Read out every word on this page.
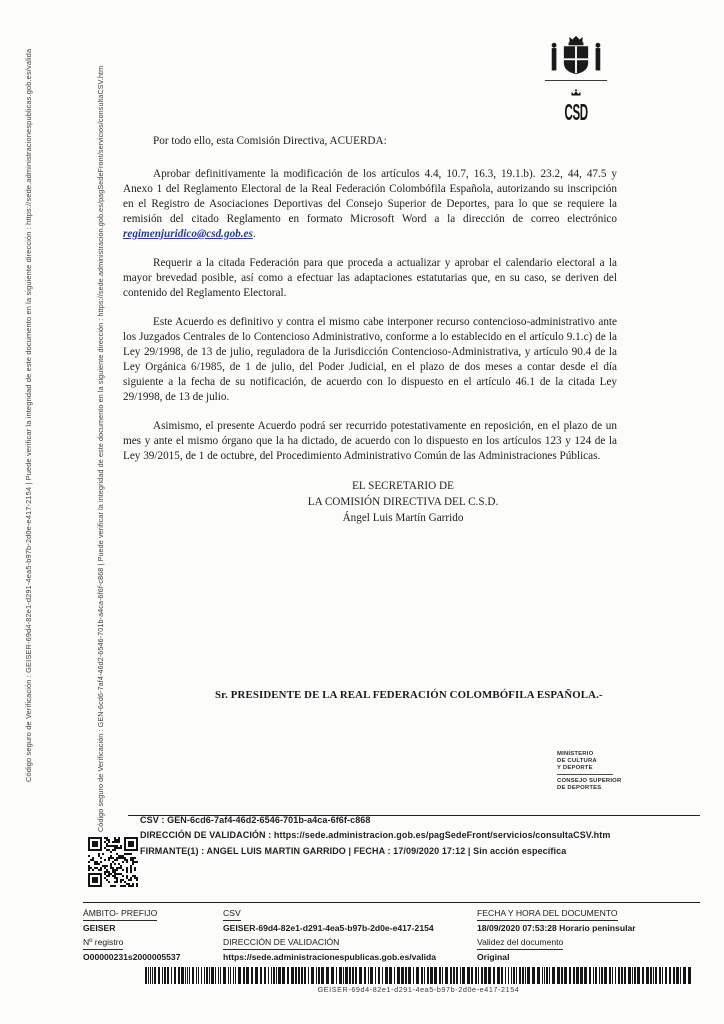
Código seguro de Verificación : GEISER-69d4-82e1-d291-4ea5-b97b-2d0e-e417-2154 | Puede verificar la integridad de este documento en la siguiente dirección : https://sede.administracionespublicas.gob.es/valida	Código seguro de Verificación : GEN-6cd6-7af4-46d2-6546-701b-a4ca-6f6f-c868 | Puede verificar la integridad de este documento en la siguiente dirección : https://sede.administracion.gob.es/pagSedeFront/servicios/consultaCSV.htm	CSD

Por todo ello, esta Comisión Directiva, ACUERDA:

Aprobar definitivamente la modificación de los artículos 4.4, 10.7, 16.3, 19.1.b). 23.2, 44, 47.5 y Anexo 1 del Reglamento Electoral de la Real Federación Colombófila Española, autorizando su inscripción en el Registro de Asociaciones Deportivas del Consejo Superior de Deportes, para lo que se requiere la remisión del citado Reglamento en formato Microsoft Word a la dirección de correo electrónico regimenjuridico@csd.gob.es.

Requerir a la citada Federación para que proceda a actualizar y aprobar el calendario electoral a la mayor brevedad posible, así como a efectuar las adaptaciones estatutarias que, en su caso, se deriven del contenido del Reglamento Electoral.

Este Acuerdo es definitivo y contra el mismo cabe interponer recurso contencioso-administrativo ante los Juzgados Centrales de lo Contencioso Administrativo, conforme a lo establecido en el artículo 9.1.c) de la Ley 29/1998, de 13 de julio, reguladora de la Jurisdicción Contencioso-Administrativa, y artículo 90.4 de la Ley Orgánica 6/1985, de 1 de julio, del Poder Judicial, en el plazo de dos meses a contar desde el día siguiente a la fecha de su notificación, de acuerdo con lo dispuesto en el artículo 46.1 de la citada Ley 29/1998, de 13 de julio.

Asimismo, el presente Acuerdo podrá ser recurrido potestativamente en reposición, en el plazo de un mes y ante el mismo órgano que la ha dictado, de acuerdo con lo dispuesto en los artículos 123 y 124 de la Ley 39/2015, de 1 de octubre, del Procedimiento Administrativo Común de las Administraciones Públicas.

EL SECRETARIO DE
LA COMISIÓN DIRECTIVA DEL C.S.D.
Ángel Luis Martín Garrido
Sr. PRESIDENTE DE LA REAL FEDERACIÓN COLOMBÓFILA ESPAÑOLA.-
MINISTERIO
DE CULTURA
Y DEPORTE
CONSEJO SUPERIOR
DE DEPORTES
CSV : GEN-6cd6-7af4-46d2-6546-701b-a4ca-6f6f-c868
DIRECCIÓN DE VALIDACIÓN : https://sede.administracion.gob.es/pagSedeFront/servicios/consultaCSV.htm
FIRMANTE(1) : ANGEL LUIS MARTIN GARRIDO | FECHA : 17/09/2020 17:12 | Sin acción específica
ÁMBITO- PREFIJO
GEISER
Nº registro
O00000231s2000005537
CSV
GEISER-69d4-82e1-d291-4ea5-b97b-2d0e-e417-2154
DIRECCIÓN DE VALIDACIÓN
https://sede.administracionespublicas.gob.es/valida
FECHA Y HORA DEL DOCUMENTO
18/09/2020 07:53:28 Horario peninsular
Validez del documento
Original
GEISER-69d4-82e1-d291-4ea5-b97b-2d0e-e417-2154
